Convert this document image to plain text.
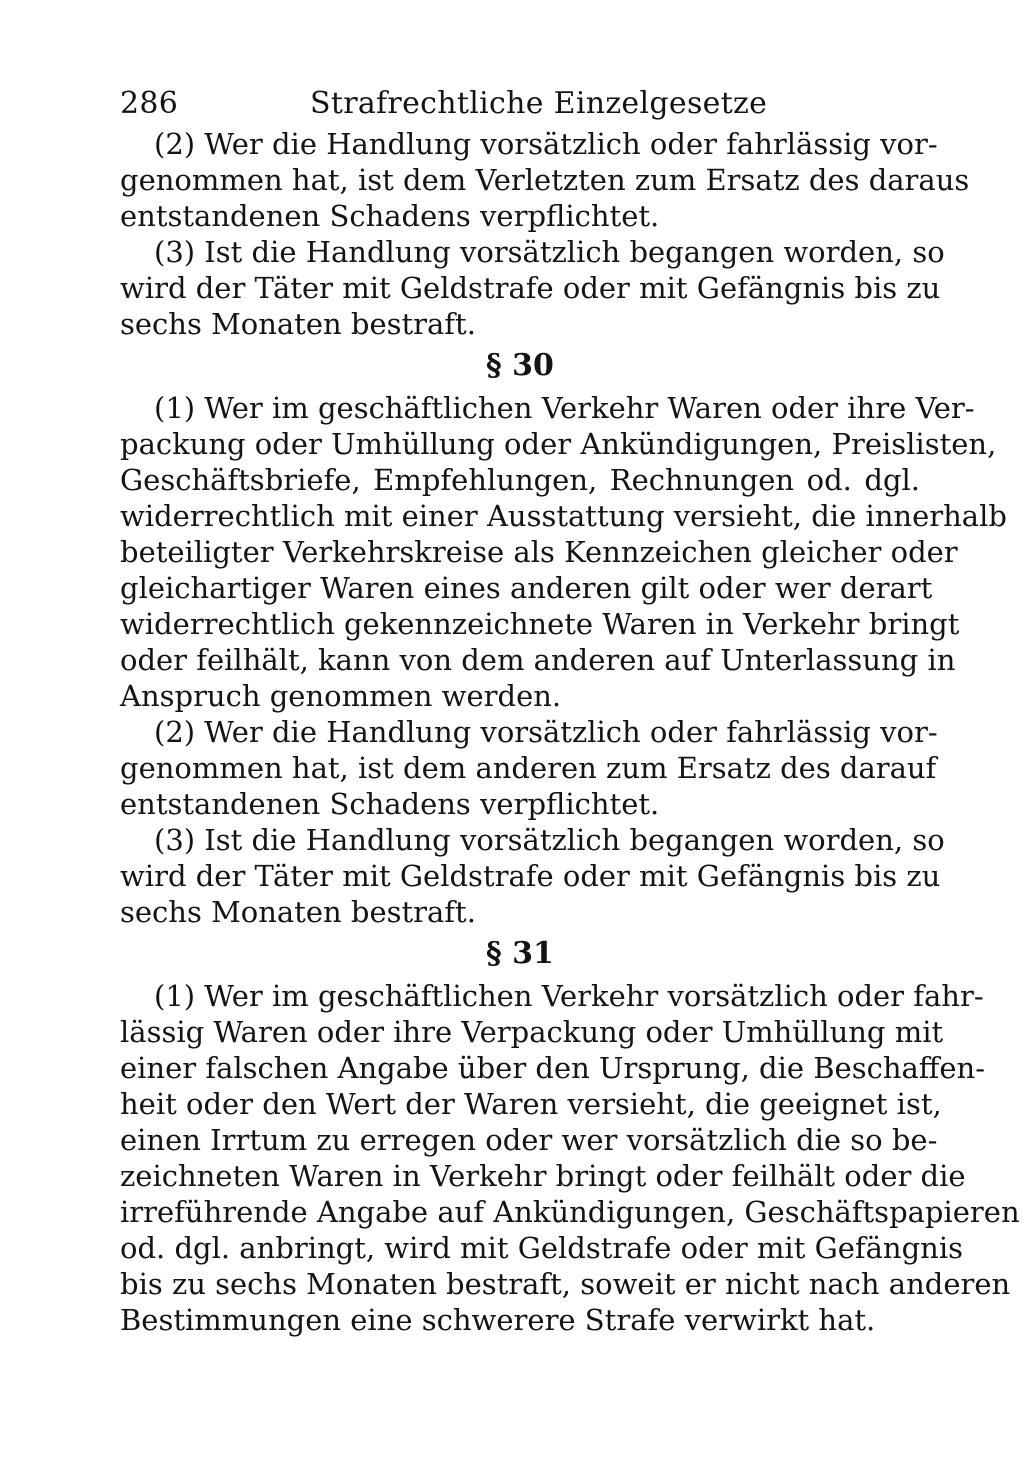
286	Strafrechtliche Einzelgesetze

(2) Wer die Handlung vorsätzlich oder fahrlässig vor-
genommen hat, ist dem Verletzten zum Ersatz des daraus
entstandenen Schadens verpflichtet.

(3) Ist die Handlung vorsätzlich begangen worden, so
wird der Täter mit Geldstrafe oder mit Gefängnis bis zu
sechs Monaten bestraft.

§ 30

(1) Wer im geschäftlichen Verkehr Waren oder ihre Ver-
packung oder Umhüllung oder Ankündigungen, Preislisten,
Geschäftsbriefe, Empfehlungen, Rechnungen od. dgl.
widerrechtlich mit einer Ausstattung versieht, die innerhalb
beteiligter Verkehrskreise als Kennzeichen gleicher oder
gleichartiger Waren eines anderen gilt oder wer derart
widerrechtlich gekennzeichnete Waren in Verkehr bringt
oder feilhält, kann von dem anderen auf Unterlassung in
Anspruch genommen werden.

(2) Wer die Handlung vorsätzlich oder fahrlässig vor-
genommen hat, ist dem anderen zum Ersatz des darauf
entstandenen Schadens verpflichtet.

(3) Ist die Handlung vorsätzlich begangen worden, so
wird der Täter mit Geldstrafe oder mit Gefängnis bis zu
sechs Monaten bestraft.

§ 31

(1) Wer im geschäftlichen Verkehr vorsätzlich oder fahr-
lässig Waren oder ihre Verpackung oder Umhüllung mit
einer falschen Angabe über den Ursprung, die Beschaffen-
heit oder den Wert der Waren versieht, die geeignet ist,
einen Irrtum zu erregen oder wer vorsätzlich die so be-
zeichneten Waren in Verkehr bringt oder feilhält oder die
irreführende Angabe auf Ankündigungen, Geschäftspapieren
od. dgl. anbringt, wird mit Geldstrafe oder mit Gefängnis
bis zu sechs Monaten bestraft, soweit er nicht nach anderen
Bestimmungen eine schwerere Strafe verwirkt hat.
